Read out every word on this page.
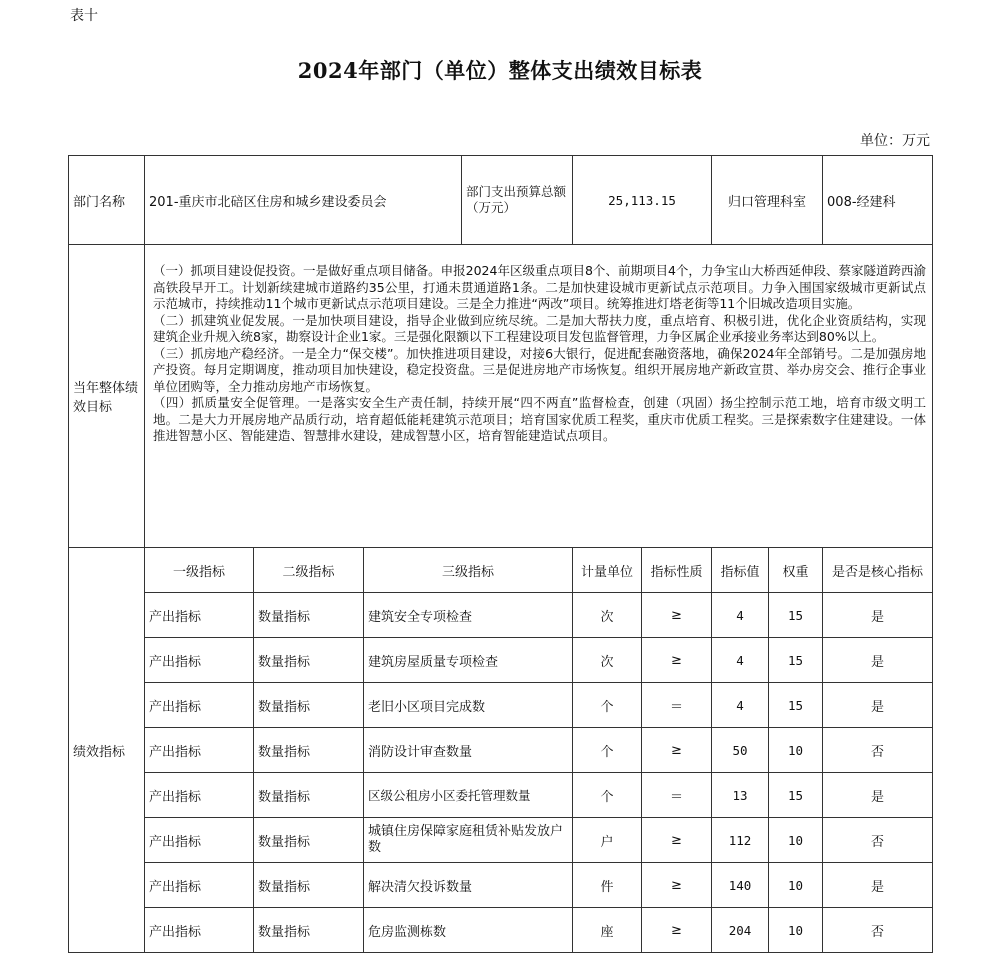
表十
2024年部门（单位）整体支出绩效目标表
单位：万元
部门名称	201-重庆市北碚区住房和城乡建设委员会			部门支出预算总额（万元）	25,113.15		归口管理科室		008-经建科
当年整体绩效目标	（一）抓项目建设促投资。一是做好重点项目储备。申报2024年区级重点项目8个、前期项目4个，力争宝山大桥西延伸段、蔡家隧道跨西渝高铁段早开工。计划新续建城市道路约35公里，打通未贯通道路1条。二是加快建设城市更新试点示范项目。力争入围国家级城市更新试点示范城市，持续推动11个城市更新试点示范项目建设。三是全力推进“两改”项目。统筹推进灯塔老街等11个旧城改造项目实施。

（二）抓建筑业促发展。一是加快项目建设，指导企业做到应统尽统。二是加大帮扶力度，重点培育、积极引进，优化企业资质结构，实现建筑企业升规入统8家，勘察设计企业1家。三是强化限额以下工程建设项目发包监督管理，力争区属企业承接业务率达到80%以上。

（三）抓房地产稳经济。一是全力“保交楼”。加快推进项目建设，对接6大银行，促进配套融资落地，确保2024年全部销号。二是加强房地产投资。每月定期调度，推动项目加快建设，稳定投资盘。三是促进房地产市场恢复。组织开展房地产新政宣贯、举办房交会、推行企事业单位团购等，全力推动房地产市场恢复。

（四）抓质量安全促管理。一是落实安全生产责任制，持续开展“四不两直”监督检查，创建（巩固）扬尘控制示范工地，培育市级文明工地。二是大力开展房地产品质行动，培育超低能耗建筑示范项目；培育国家优质工程奖，重庆市优质工程奖。三是探索数字住建建设。一体推进智慧小区、智能建造、智慧排水建设，建成智慧小区，培育智能建造试点项目。								

绩效指标	一级指标	二级指标	三级指标		计量单位	指标性质	指标值	权重	是否是核心指标
	产出指标	数量指标	建筑安全专项检查		次	≥	4	15	是
	产出指标	数量指标	建筑房屋质量专项检查		次	≥	4	15	是
	产出指标	数量指标	老旧小区项目完成数		个	＝	4	15	是
	产出指标	数量指标	消防设计审查数量		个	≥	50	10	否
	产出指标	数量指标	区级公租房小区委托管理数量		个	＝	13	15	是
	产出指标	数量指标	城镇住房保障家庭租赁补贴发放户数		户	≥	112	10	否
	产出指标	数量指标	解决清欠投诉数量		件	≥	140	10	是
	产出指标	数量指标	危房监测栋数		座	≥	204	10	否
